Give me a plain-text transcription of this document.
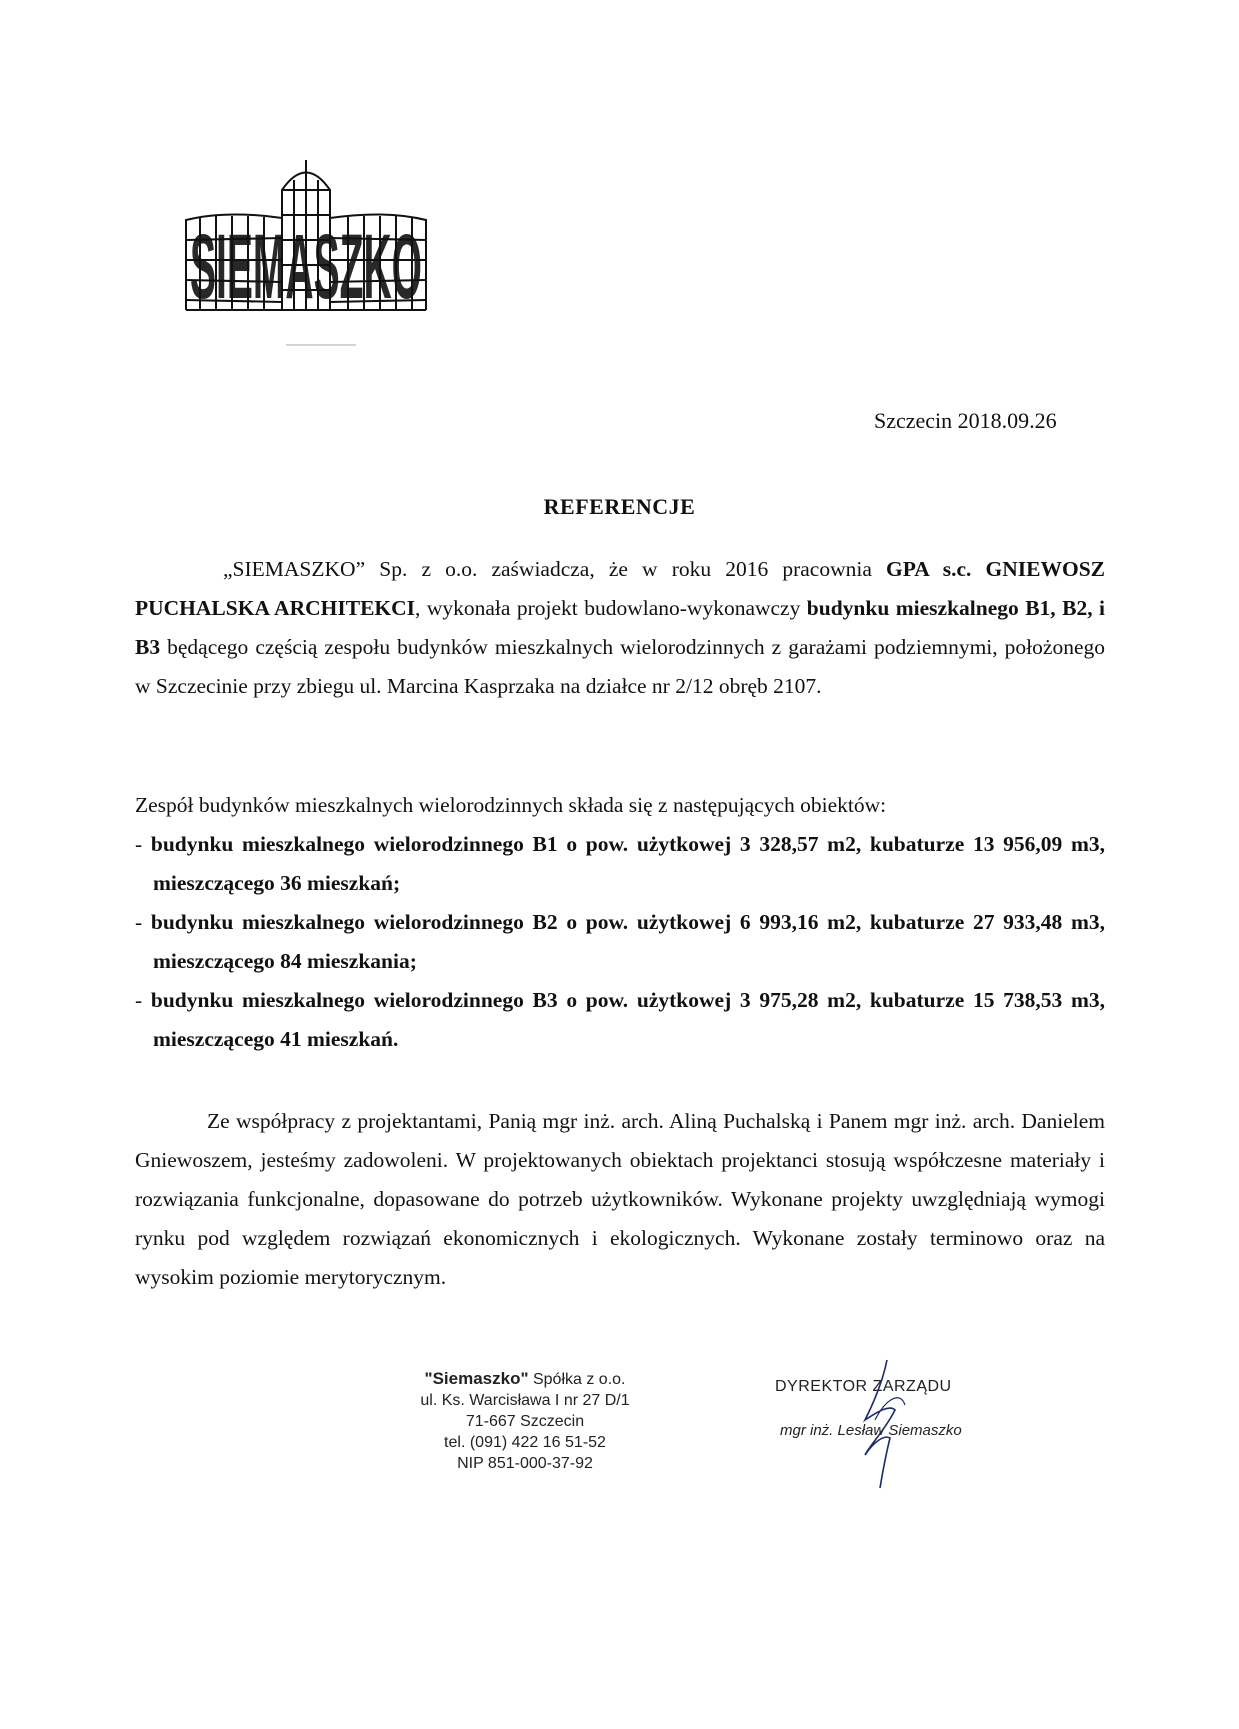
SIEMASZKO
Szczecin 2018.09.26
REFERENCJE
„SIEMASZKO” Sp. z o.o. zaświadcza, że w roku 2016 pracownia GPA s.c. GNIEWOSZ PUCHALSKA ARCHITEKCI, wykonała projekt budowlano-wykonawczy budynku mieszkalnego B1, B2, i B3 będącego częścią zespołu budynków mieszkalnych wielorodzinnych z garażami podziemnymi, położonego w Szczecinie przy zbiegu ul. Marcina Kasprzaka na działce nr 2/12 obręb 2107.
Zespół budynków mieszkalnych wielorodzinnych składa się z następujących obiektów:
- budynku mieszkalnego wielorodzinnego B1 o pow. użytkowej 3 328,57 m2, kubaturze 13 956,09 m3, mieszczącego 36 mieszkań;
- budynku mieszkalnego wielorodzinnego B2 o pow. użytkowej 6 993,16 m2, kubaturze 27 933,48 m3, mieszczącego 84 mieszkania;
- budynku mieszkalnego wielorodzinnego B3 o pow. użytkowej 3 975,28 m2, kubaturze 15 738,53 m3, mieszczącego 41 mieszkań.
Ze współpracy z projektantami, Panią mgr inż. arch. Aliną Puchalską i Panem mgr inż. arch. Danielem Gniewoszem, jesteśmy zadowoleni. W projektowanych obiektach projektanci stosują współczesne materiały i rozwiązania funkcjonalne, dopasowane do potrzeb użytkowników. Wykonane projekty uwzględniają wymogi rynku pod względem rozwiązań ekonomicznych i ekologicznych. Wykonane zostały terminowo oraz na wysokim poziomie merytorycznym.
"Siemaszko" Spółka z o.o.
ul. Ks. Warcisława I nr 27 D/1
71-667 Szczecin
tel. (091) 422 16 51-52
NIP 851-000-37-92
DYREKTOR ZARZĄDU
mgr inż. Lesław Siemaszko
